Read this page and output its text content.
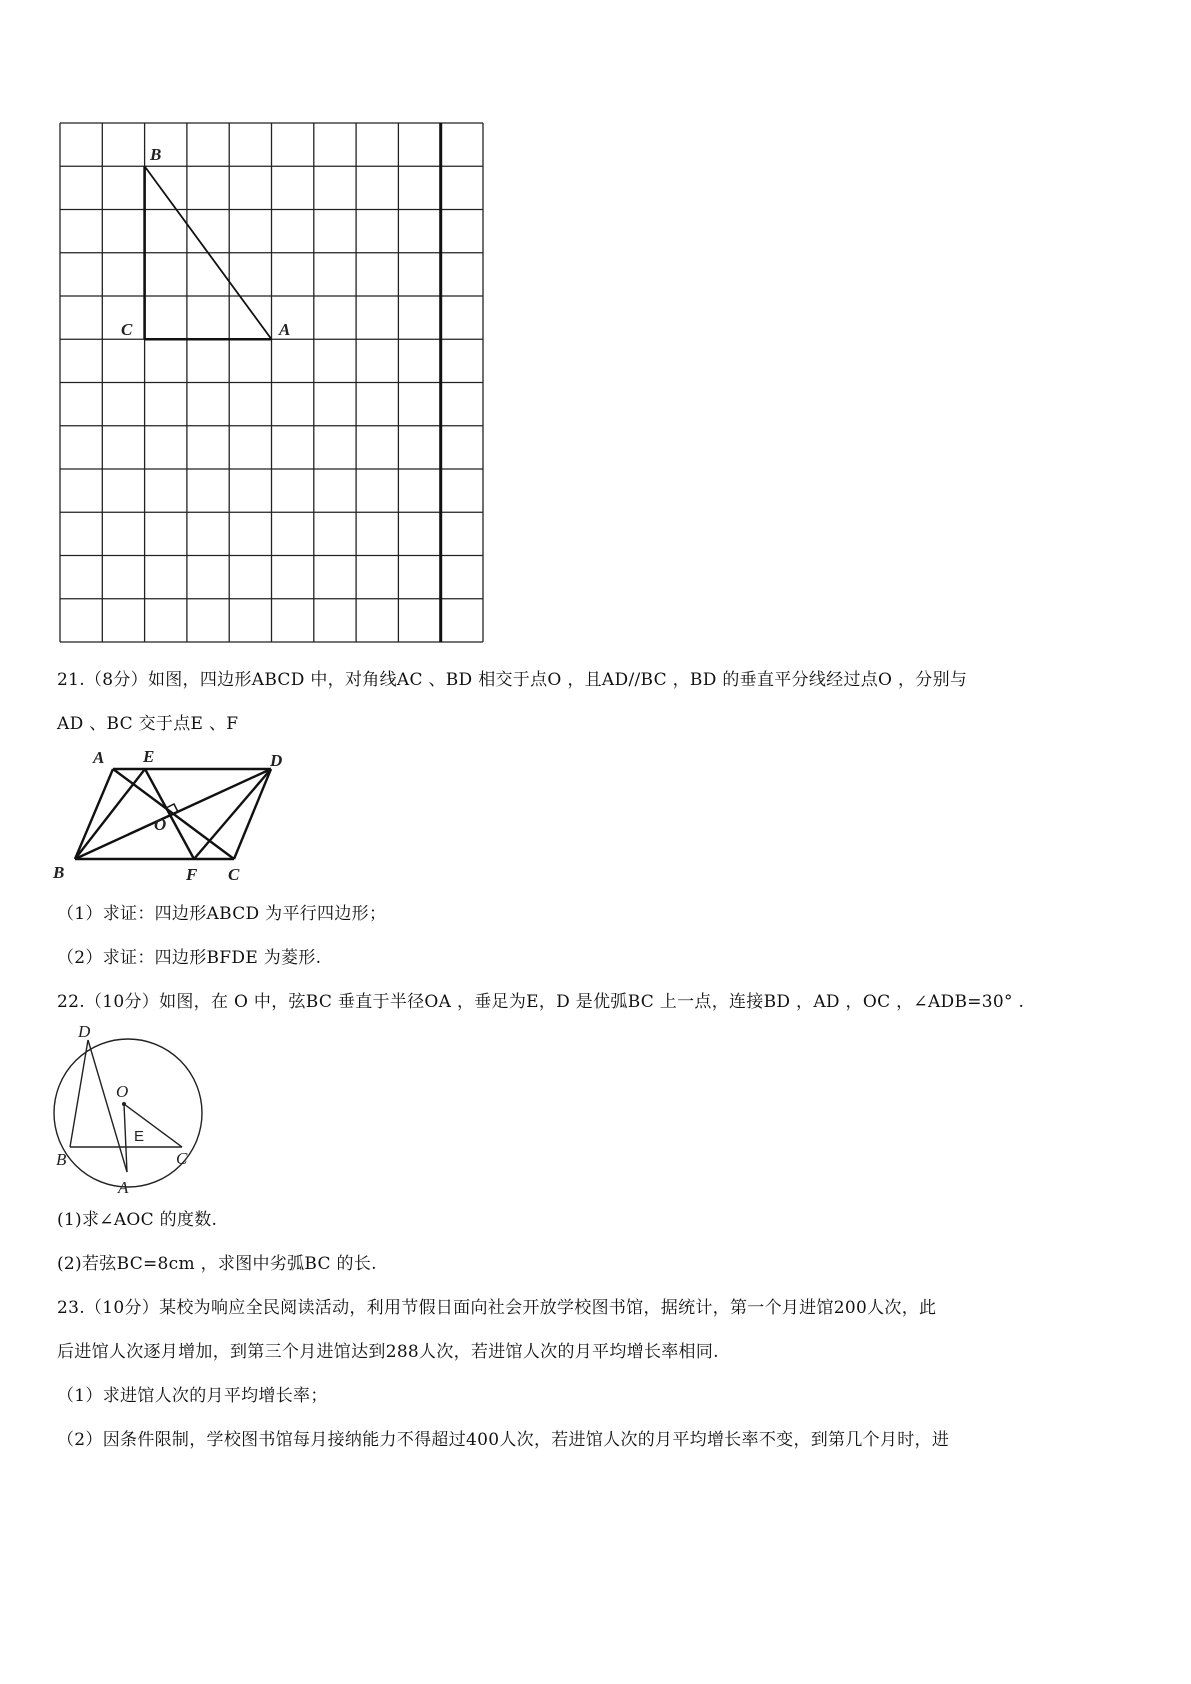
B
C	A

21.（8分）如图，四边形ABCD 中，对角线AC 、BD 相交于点O ，且AD//BC ，BD 的垂直平分线经过点O ，分别与

AD 、BC 交于点E 、F

A E	D
O
B	F C

（1）求证：四边形ABCD 为平行四边形；

（2）求证：四边形BFDE 为菱形.

22.（10分）如图，在 O 中，弦BC 垂直于半径OA ，垂足为E，D 是优弧BC 上一点，连接BD ，AD ，OC ，∠ADB=30° .

D
O
E
B	C
A

(1)求∠AOC 的度数.

(2)若弦BC=8cm ，求图中劣弧BC 的长.

23.（10分）某校为响应全民阅读活动，利用节假日面向社会开放学校图书馆，据统计，第一个月进馆200人次，此

后进馆人次逐月增加，到第三个月进馆达到288人次，若进馆人次的月平均增长率相同.

（1）求进馆人次的月平均增长率；

（2）因条件限制，学校图书馆每月接纳能力不得超过400人次，若进馆人次的月平均增长率不变，到第几个月时，进
